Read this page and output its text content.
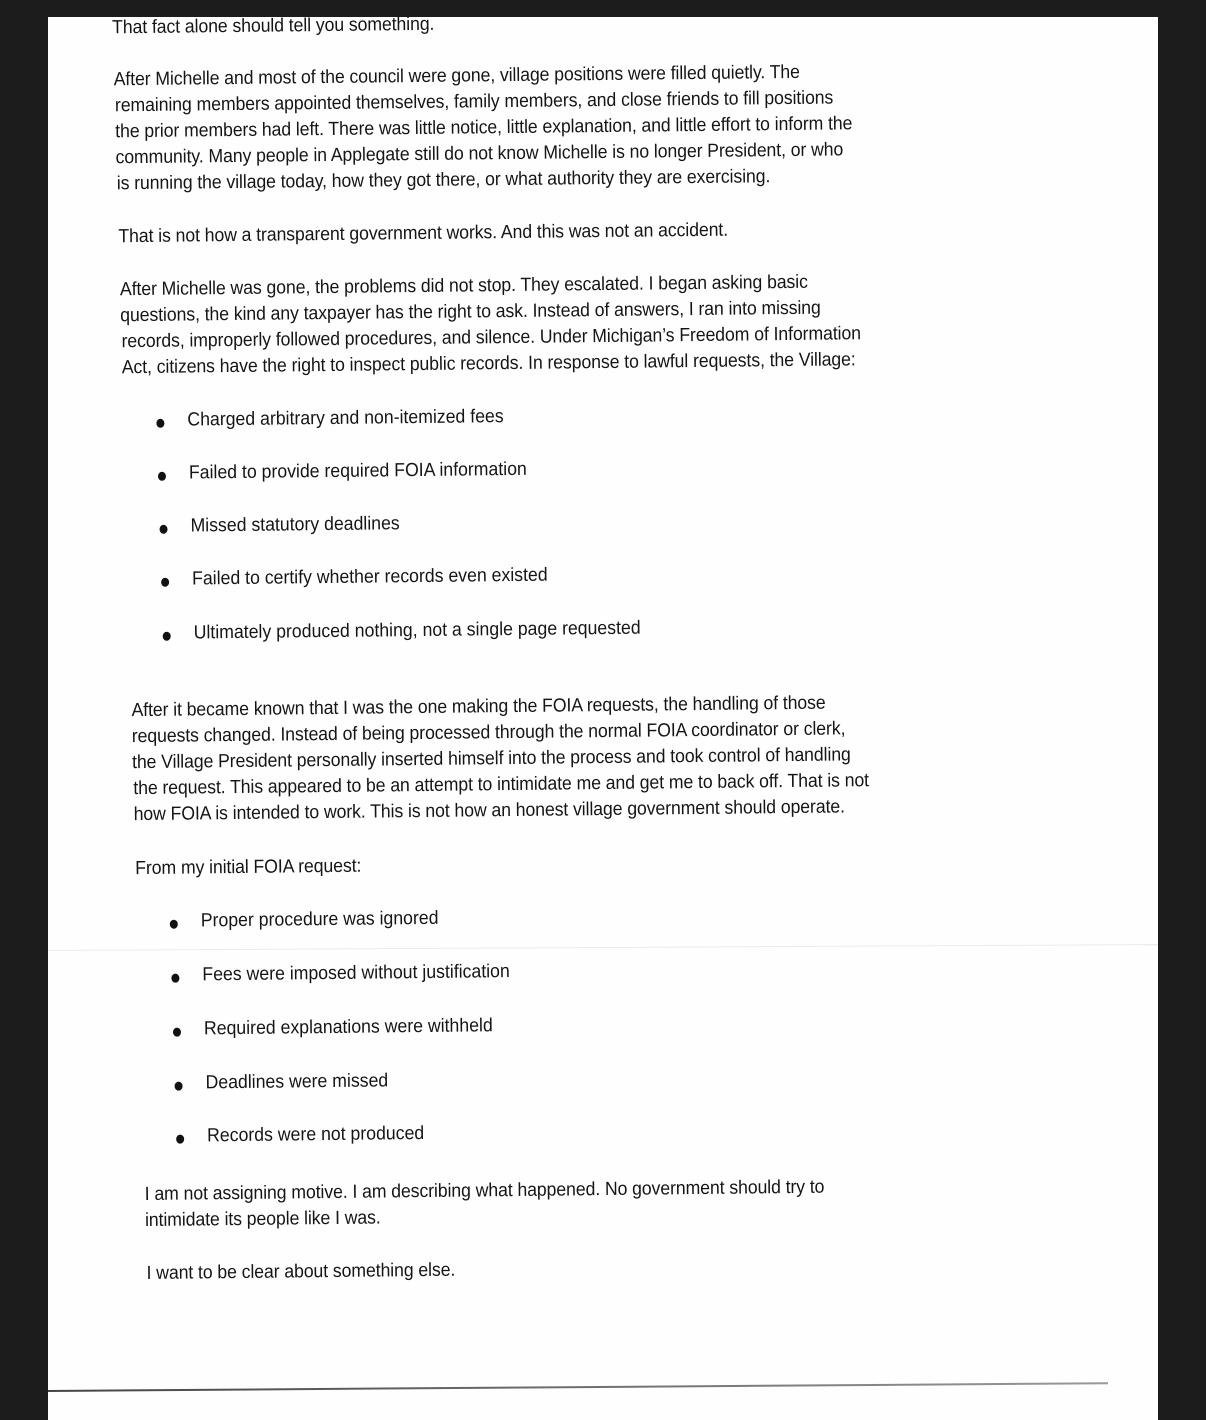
That fact alone should tell you something.
After Michelle and most of the council were gone, village positions were filled quietly. The
remaining members appointed themselves, family members, and close friends to fill positions
the prior members had left. There was little notice, little explanation, and little effort to inform the
community. Many people in Applegate still do not know Michelle is no longer President, or who
is running the village today, how they got there, or what authority they are exercising.
That is not how a transparent government works. And this was not an accident.
After Michelle was gone, the problems did not stop. They escalated. I began asking basic
questions, the kind any taxpayer has the right to ask. Instead of answers, I ran into missing
records, improperly followed procedures, and silence. Under Michigan’s Freedom of Information
Act, citizens have the right to inspect public records. In response to lawful requests, the Village:
Charged arbitrary and non-itemized fees
Failed to provide required FOIA information
Missed statutory deadlines
Failed to certify whether records even existed
Ultimately produced nothing, not a single page requested
After it became known that I was the one making the FOIA requests, the handling of those
requests changed. Instead of being processed through the normal FOIA coordinator or clerk,
the Village President personally inserted himself into the process and took control of handling
the request. This appeared to be an attempt to intimidate me and get me to back off. That is not
how FOIA is intended to work. This is not how an honest village government should operate.
From my initial FOIA request:
Proper procedure was ignored
Fees were imposed without justification
Required explanations were withheld
Deadlines were missed
Records were not produced
I am not assigning motive. I am describing what happened. No government should try to
intimidate its people like I was.
I want to be clear about something else.
